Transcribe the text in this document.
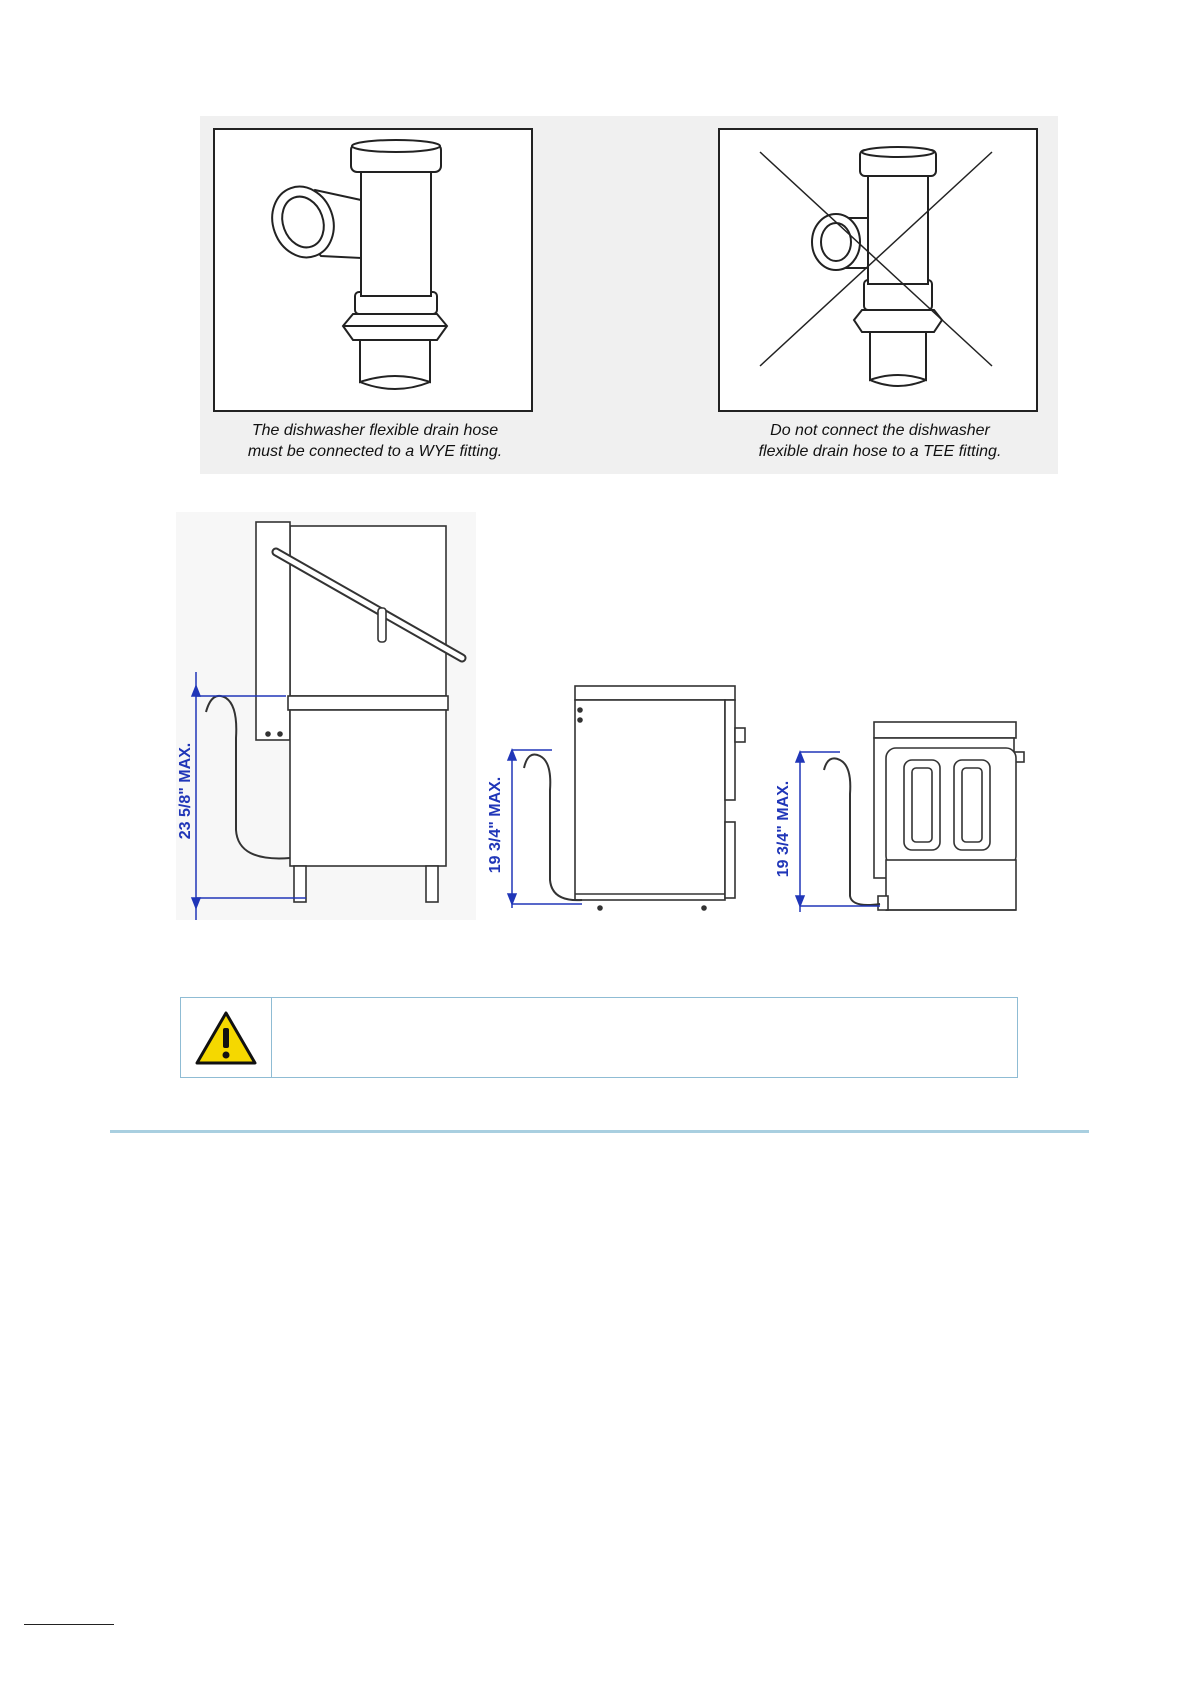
The dishwasher flexible drain hose
must be connected to a WYE fitting.
Do not connect the dishwasher
flexible drain hose to a TEE fitting.
23 5/8" MAX.	19 3/4" MAX.	19 3/4" MAX.
